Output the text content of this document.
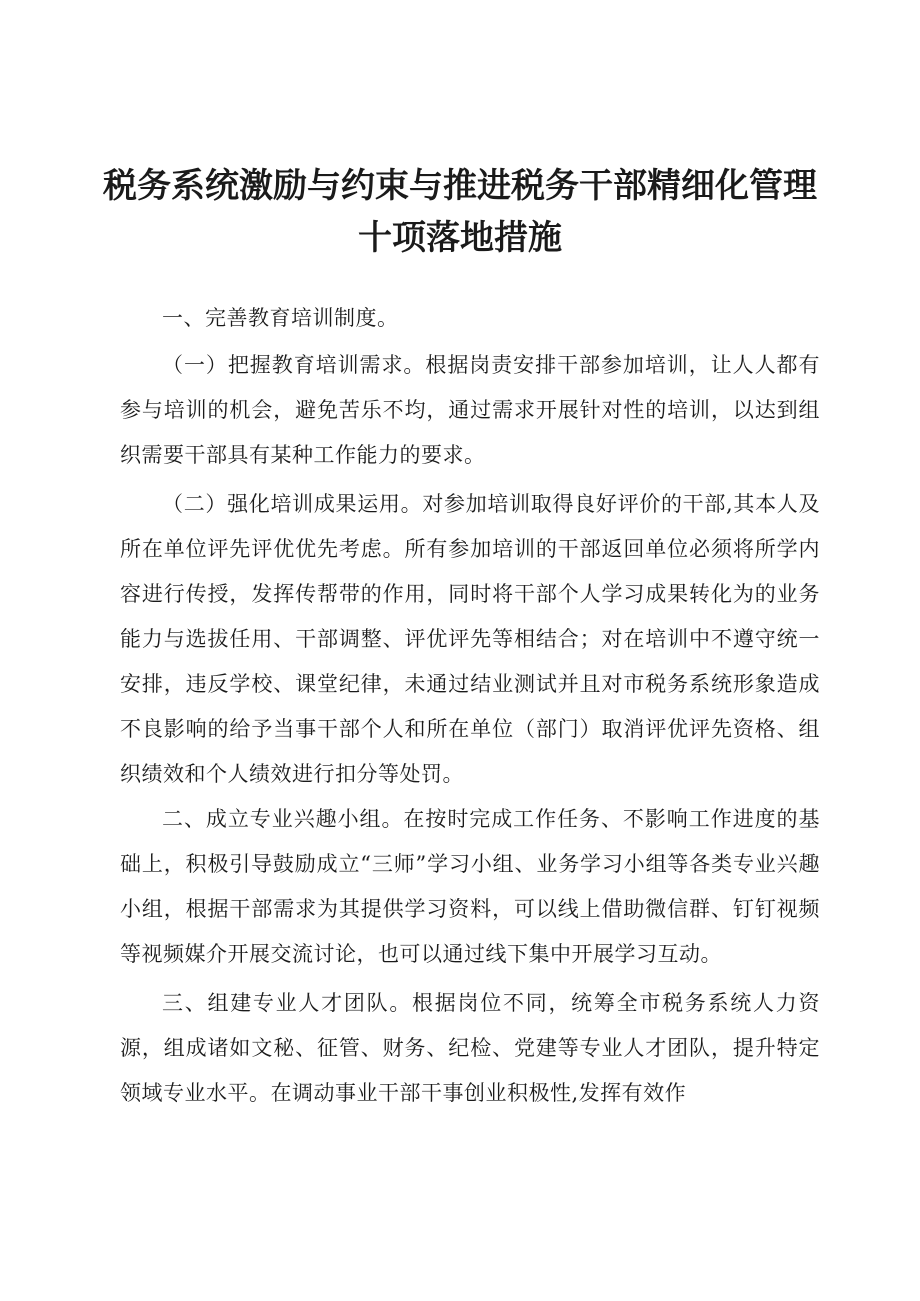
税务系统激励与约束与推进税务干部精细化管理十项落地措施

一、完善教育培训制度。

（一）把握教育培训需求。根据岗责安排干部参加培训，让人人都有参与培训的机会，避免苦乐不均，通过需求开展针对性的培训，以达到组织需要干部具有某种工作能力的要求。

（二）强化培训成果运用。对参加培训取得良好评价的干部,其本人及所在单位评先评优优先考虑。所有参加培训的干部返回单位必须将所学内容进行传授，发挥传帮带的作用，同时将干部个人学习成果转化为的业务能力与选拔任用、干部调整、评优评先等相结合；对在培训中不遵守统一安排，违反学校、课堂纪律，未通过结业测试并且对市税务系统形象造成不良影响的给予当事干部个人和所在单位（部门）取消评优评先资格、组织绩效和个人绩效进行扣分等处罚。

二、成立专业兴趣小组。在按时完成工作任务、不影响工作进度的基础上，积极引导鼓励成立“三师”学习小组、业务学习小组等各类专业兴趣小组，根据干部需求为其提供学习资料，可以线上借助微信群、钉钉视频等视频媒介开展交流讨论，也可以通过线下集中开展学习互动。

三、组建专业人才团队。根据岗位不同，统筹全市税务系统人力资源，组成诸如文秘、征管、财务、纪检、党建等专业人才团队，提升特定领域专业水平。在调动事业干部干事创业积极性,发挥有效作
